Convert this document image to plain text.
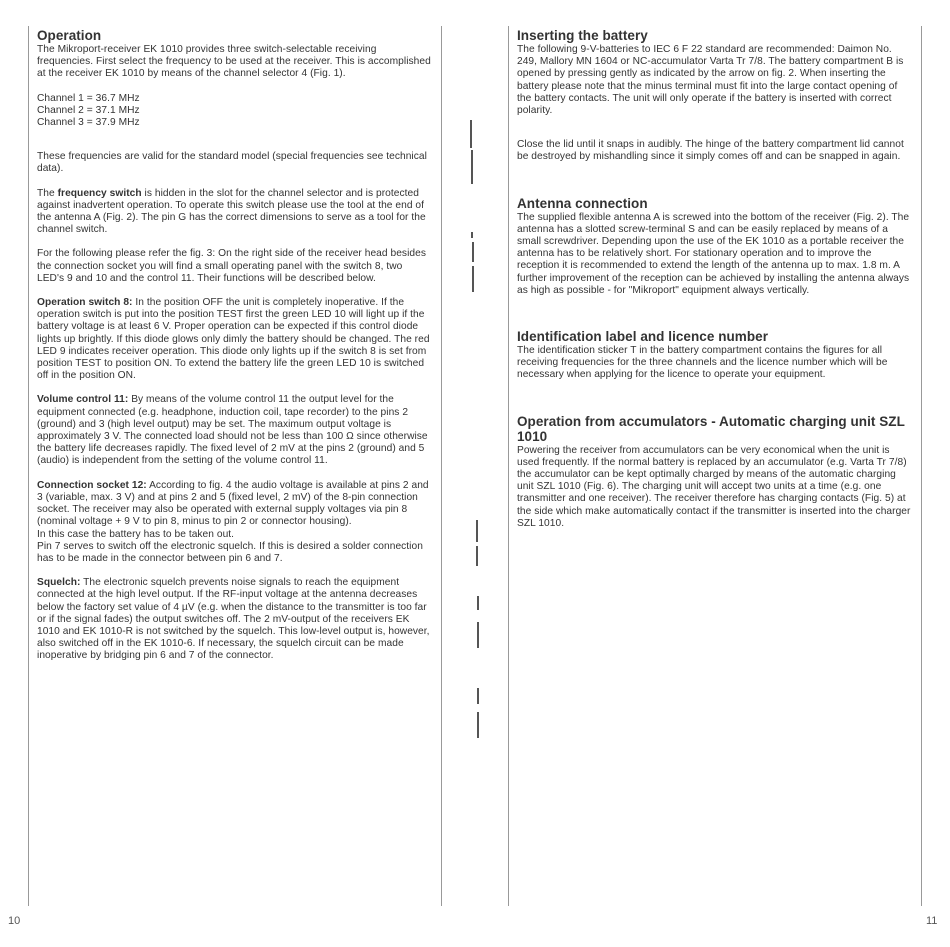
Operation

The Mikroport-receiver EK 1010 provides three switch-selectable receiving frequencies. First select the frequency to be used at the receiver. This is accomplished at the receiver EK 1010 by means of the channel selector 4 (Fig. 1).

Channel 1 = 36.7 MHz

Channel 2 = 37.1 MHz

Channel 3 = 37.9 MHz

These frequencies are valid for the standard model (special frequencies see technical data).

The frequency switch is hidden in the slot for the channel selector and is protected against inadvertent operation. To operate this switch please use the tool at the end of the antenna A (Fig. 2). The pin G has the correct dimensions to serve as a tool for the channel switch.

For the following please refer the fig. 3: On the right side of the receiver head besides the connection socket you will find a small operating panel with the switch 8, two LED's 9 and 10 and the control 11. Their functions will be described below.

Operation switch 8: In the position OFF the unit is completely inoperative. If the operation switch is put into the position TEST first the green LED 10 will light up if the battery voltage is at least 6 V. Proper operation can be expected if this control diode lights up brightly. If this diode glows only dimly the battery should be changed. The red LED 9 indicates receiver operation. This diode only lights up if the switch 8 is set from position TEST to position ON. To extend the battery life the green LED 10 is switched off in the position ON.

Volume control 11: By means of the volume control 11 the output level for the equipment connected (e.g. headphone, induction coil, tape recorder) to the pins 2 (ground) and 3 (high level output) may be set. The maximum output voltage is approximately 3 V. The connected load should not be less than 100 Ω since otherwise the battery life decreases rapidly. The fixed level of 2 mV at the pins 2 (ground) and 5 (audio) is independent from the setting of the volume control 11.

Connection socket 12: According to fig. 4 the audio voltage is available at pins 2 and 3 (variable, max. 3 V) and at pins 2 and 5 (fixed level, 2 mV) of the 8-pin connection socket. The receiver may also be operated with external supply voltages via pin 8 (nominal voltage + 9 V to pin 8, minus to pin 2 or connector housing).

In this case the battery has to be taken out.

Pin 7 serves to switch off the electronic squelch. If this is desired a solder connection has to be made in the connector between pin 6 and 7.

Squelch: The electronic squelch prevents noise signals to reach the equipment connected at the high level output. If the RF-input voltage at the antenna decreases below the factory set value of 4 µV (e.g. when the distance to the transmitter is too far or if the signal fades) the output switches off. The 2 mV-output of the receivers EK 1010 and EK 1010-R is not switched by the squelch. This low-level output is, however, also switched off in the EK 1010-6. If necessary, the squelch circuit can be made inoperative by bridging pin 6 and 7 of the connector.

Inserting the battery

The following 9-V-batteries to IEC 6 F 22 standard are recommended: Daimon No. 249, Mallory MN 1604 or NC-accumulator Varta Tr 7/8. The battery compartment B is opened by pressing gently as indicated by the arrow on fig. 2. When inserting the battery please note that the minus terminal must fit into the large contact opening of the battery contacts. The unit will only operate if the battery is inserted with correct polarity.

Close the lid until it snaps in audibly. The hinge of the battery compartment lid cannot be destroyed by mishandling since it simply comes off and can be snapped in again.

Antenna connection

The supplied flexible antenna A is screwed into the bottom of the receiver (Fig. 2). The antenna has a slotted screw-terminal S and can be easily replaced by means of a small screwdriver. Depending upon the use of the EK 1010 as a portable receiver the antenna has to be relatively short. For stationary operation and to improve the reception it is recommended to extend the length of the antenna up to max. 1.8 m. A further improvement of the reception can be achieved by installing the antenna always as high as possible - for "Mikroport" equipment always vertically.

Identification label and licence number

The identification sticker T in the battery compartment contains the figures for all receiving frequencies for the three channels and the licence number which will be necessary when applying for the licence to operate your equipment.

Operation from accumulators - Automatic charging unit SZL 1010

Powering the receiver from accumulators can be very economical when the unit is used frequently. If the normal battery is replaced by an accumulator (e.g. Varta Tr 7/8) the accumulator can be kept optimally charged by means of the automatic charging unit SZL 1010 (Fig. 6). The charging unit will accept two units at a time (e.g. one transmitter and one receiver). The receiver therefore has charging contacts (Fig. 5) at the side which make automatically contact if the transmitter is inserted into the charger SZL 1010.

10	11
